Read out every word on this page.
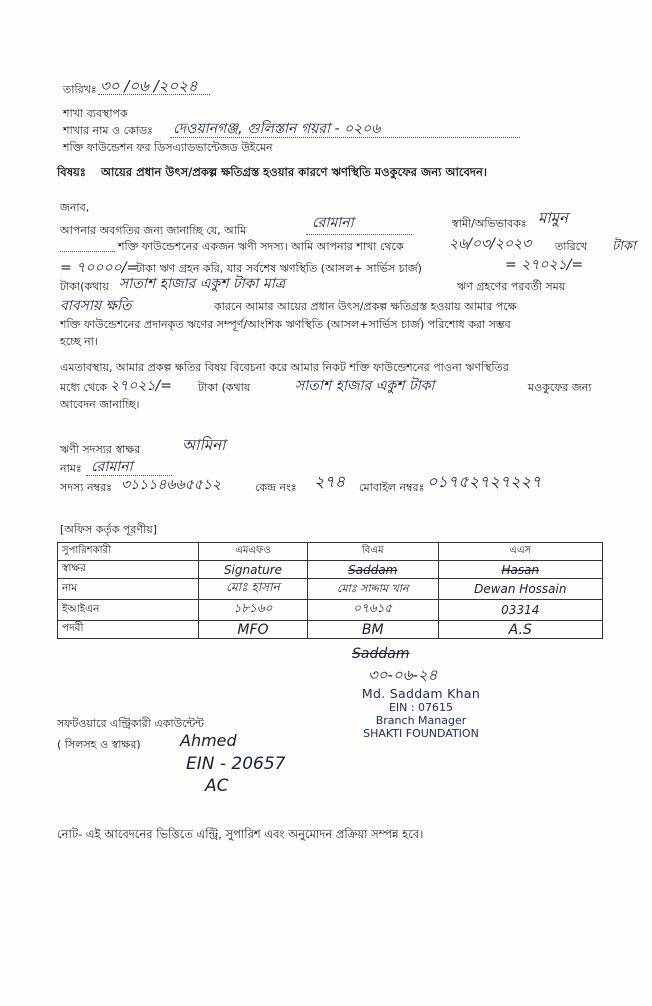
তারিখঃ ৩০ /০৬ /২০২৪
শাখা ব্যবস্থাপক
শাখার নাম ও কোডঃ দেওয়ানগঞ্জ, গুলিস্তান গয়রা - ০২০৬
শক্তি ফাউন্ডেশন ফর ডিসএ্যাডভান্টেজড উইমেন
বিষয়ঃ আয়ের প্রধান উৎস/প্রকল্প ক্ষতিগ্রস্ত হওয়ার কারণে ঋণস্থিতি মওকুফের জন্য আবেদন।
জনাব,
আপনার অবগতির জন্য জানাচ্ছি যে, আমি	রোমানা	স্বামী/অভিভাবকঃ মামুন
শক্তি ফাউন্ডেশনের একজন ঋণী সদস্য। আমি আপনার শাখা থেকে	২৬/০৩/২০২৩ তারিখে
= ৭০০০০/=
টাকা ঋণ গ্রহন করি, যার সর্বশেষ ঋণস্থিতি (আসল+ সার্ভিস চার্জ)	= ২৭০২১/=
টাকা
টাকা(কথায় সাতাশ হাজার একুশ টাকা মাত্র	ঋণ গ্রহণের পরবর্তী সময়
বাবসায় ক্ষতি	কারনে আমার আয়ের প্রধান উৎস/প্রকল্প ক্ষতিগ্রস্ত হওয়ায় আমার পক্ষে
শক্তি ফাউন্ডেশনের প্রদানকৃত ঋণের সম্পূর্ণ/আংশিক ঋণস্থিতি (আসল+সার্ভিস চার্জ) পরিশোধ করা সম্ভব
হচ্ছে না।
এমতাবস্থায়, আমার প্রকল্প ক্ষতির বিষয় বিবেচনা করে আমার নিকট শক্তি ফাউন্ডেশনের পাওনা ঋণস্থিতির
মধ্যে থেকে ২৭০২১/= টাকা (কথায়	সাতাশ হাজার একুশ টাকা	মওকুফের জন্য
আবেদন জানাচ্ছি।
ঋণী সদস্যর স্বাক্ষর	আমিনা
নামঃ রোমানা
সদস্য নম্বরঃ ৩১১১৪৬৬৫৫১২	কেন্দ্র নংঃ ২৭৪ মোবাইল নম্বরঃ ০১৭৫২৭২৭২২৭
[অফিস কর্তৃক পূরণীয়]
সুপারিশকারী	এমএফও	বিএম	এএস
স্বাক্ষর	Signature	Saddam	Hasan
নাম	মোঃ হাসান	মোঃ সাদ্দাম খান	Dewan Hossain
ইআইএন	১৮১৬০	০৭৬১৫	03314
পদবী	MFO	BM	A.S
Saddam
৩০-০৬-২৪
Md. Saddam Khan
EIN : 07615
Branch Manager
SHAKTI FOUNDATION
সফটওয়ারে এন্ট্রিকারী একাউন্টেন্ট
( সিলসহ ও স্বাক্ষর) Ahmed
EIN - 20657
AC
নোট- এই আবেদনের ভিত্তিতে এন্ট্রি, সুপারিশ এবং অনুমোদন প্রক্রিয়া সম্পন্ন হবে।
